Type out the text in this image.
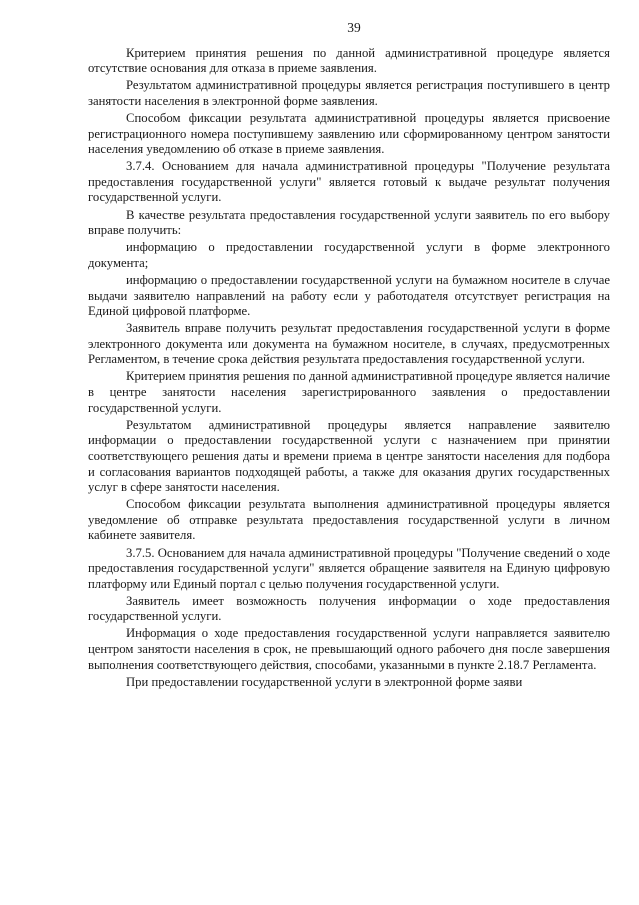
39

Критерием принятия решения по данной административной процедуре является отсутствие основания для отказа в приеме заявления.

Результатом административной процедуры является регистрация поступившего в центр занятости населения в электронной форме заявления.

Способом фиксации результата административной процедуры является присвоение регистрационного номера поступившему заявлению или сформированному центром занятости населения уведомлению об отказе в приеме заявления.

3.7.4. Основанием для начала административной процедуры "Получение результата предоставления государственной услуги" является готовый к выдаче результат получения государственной услуги.

В качестве результата предоставления государственной услуги заявитель по его выбору вправе получить:

информацию о предоставлении государственной услуги в форме электронного документа;

информацию о предоставлении государственной услуги на бумажном носителе в случае выдачи заявителю направлений на работу если у работодателя отсутствует регистрация на Единой цифровой платформе.

Заявитель вправе получить результат предоставления государственной услуги в форме электронного документа или документа на бумажном носителе, в случаях, предусмотренных Регламентом, в течение срока действия результата предоставления государственной услуги.

Критерием принятия решения по данной административной процедуре является наличие в центре занятости населения зарегистрированного заявления о предоставлении государственной услуги.

Результатом административной процедуры является направление заявителю информации о предоставлении государственной услуги с назначением при принятии соответствующего решения даты и времени приема в центре занятости населения для подбора и согласования вариантов подходящей работы, а также для оказания других государственных услуг в сфере занятости населения.

Способом фиксации результата выполнения административной процедуры является уведомление об отправке результата предоставления государственной услуги в личном кабинете заявителя.

3.7.5. Основанием для начала административной процедуры "Получение сведений о ходе предоставления государственной услуги" является обращение заявителя на Единую цифровую платформу или Единый портал с целью получения государственной услуги.

Заявитель имеет возможность получения информации о ходе предоставления государственной услуги.

Информация о ходе предоставления государственной услуги направляется заявителю центром занятости населения в срок, не превышающий одного рабочего дня после завершения выполнения соответствующего действия, способами, указанными в пункте 2.18.7 Регламента.

При предоставлении государственной услуги в электронной форме заяви
